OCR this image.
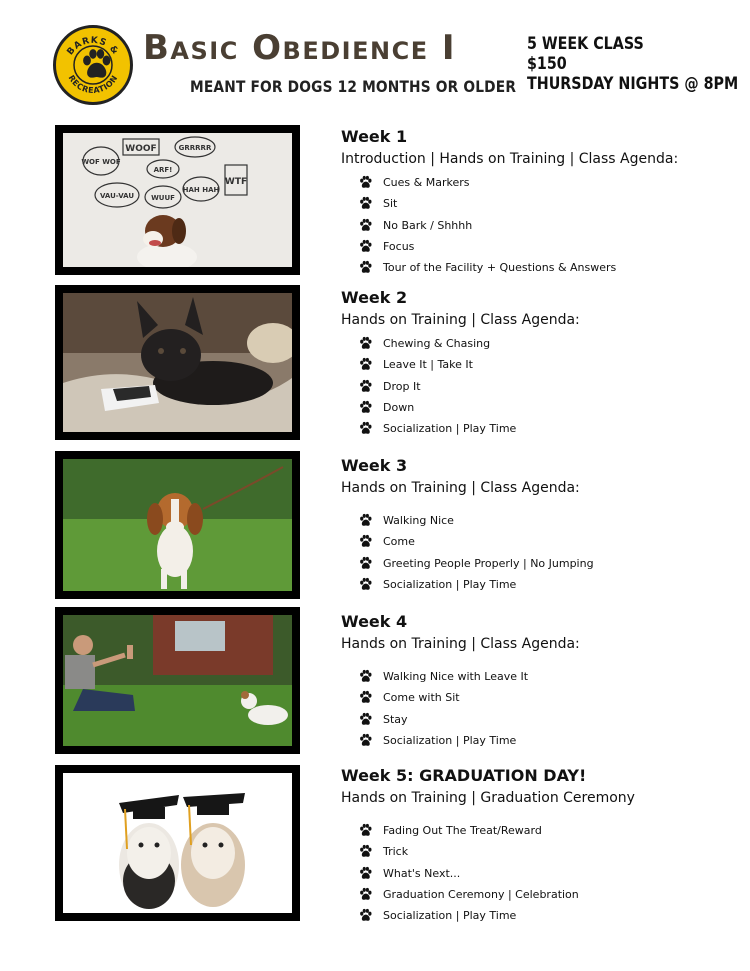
BARKS &
RECREATION
Basic Obedience I
MEANT FOR DOGS 12 MONTHS OR OLDER
5 WEEK CLASS
$150
THURSDAY NIGHTS @ 8PM
WOOF	GRRRRR
WOF WOF
VAU-VAU WUUF
HAH HAH
WTF
ARF!
Week 1
Introduction | Hands on Training | Class Agenda:
Cues & Markers
Sit
No Bark / Shhhh
Focus
Tour of the Facility + Questions & Answers
Week 2
Hands on Training | Class Agenda:
Chewing & Chasing
Leave It | Take It
Drop It
Down
Socialization | Play Time
Week 3
Hands on Training | Class Agenda:
Walking Nice
Come
Greeting People Properly | No Jumping
Socialization | Play Time
Week 4
Hands on Training | Class Agenda:
Walking Nice with Leave It
Come with Sit
Stay
Socialization | Play Time
Week 5: GRADUATION DAY!
Hands on Training | Graduation Ceremony
Fading Out The Treat/Reward
Trick
What's Next...
Graduation Ceremony | Celebration
Socialization | Play Time
